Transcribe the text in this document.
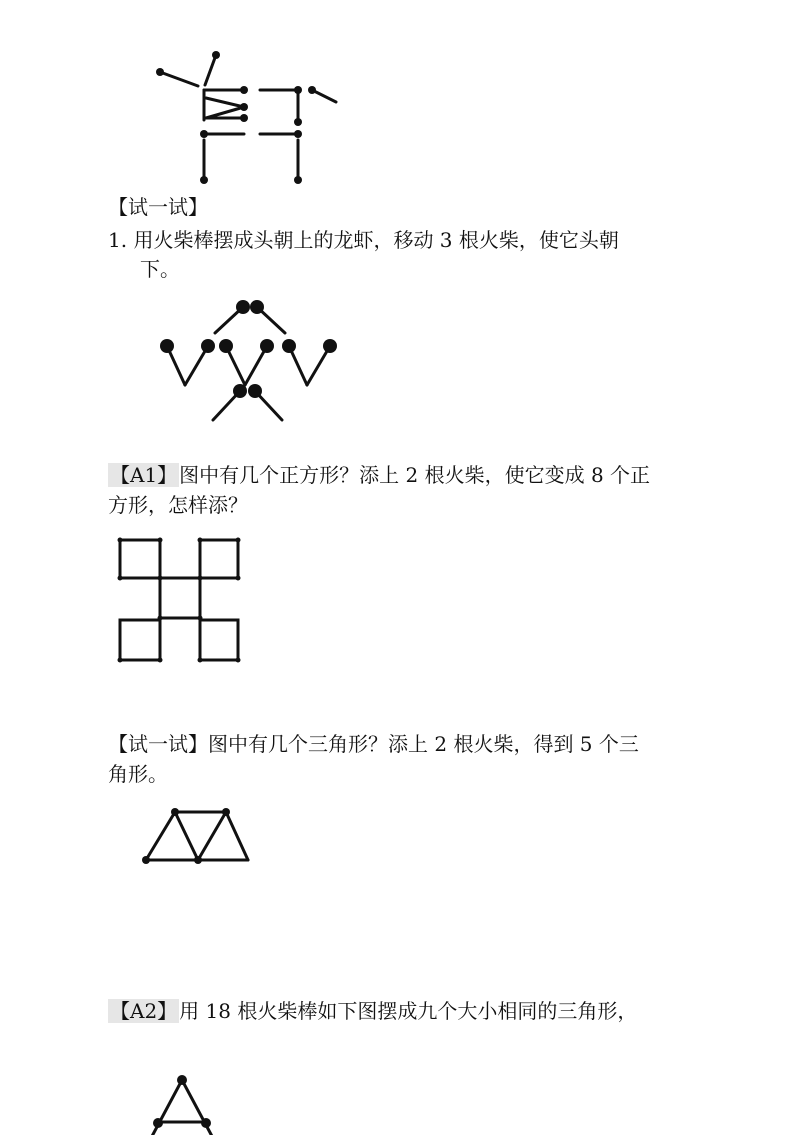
【试一试】
1. 用火柴棒摆成头朝上的龙虾，移动 3 根火柴，使它头朝
下。
【A1】 图中有几个正方形？添上 2 根火柴，使它变成 8 个正
方形，怎样添？
【试一试】图中有几个三角形？添上 2 根火柴，得到 5 个三
角形。
【A2】 用 18 根火柴棒如下图摆成九个大小相同的三角形，
